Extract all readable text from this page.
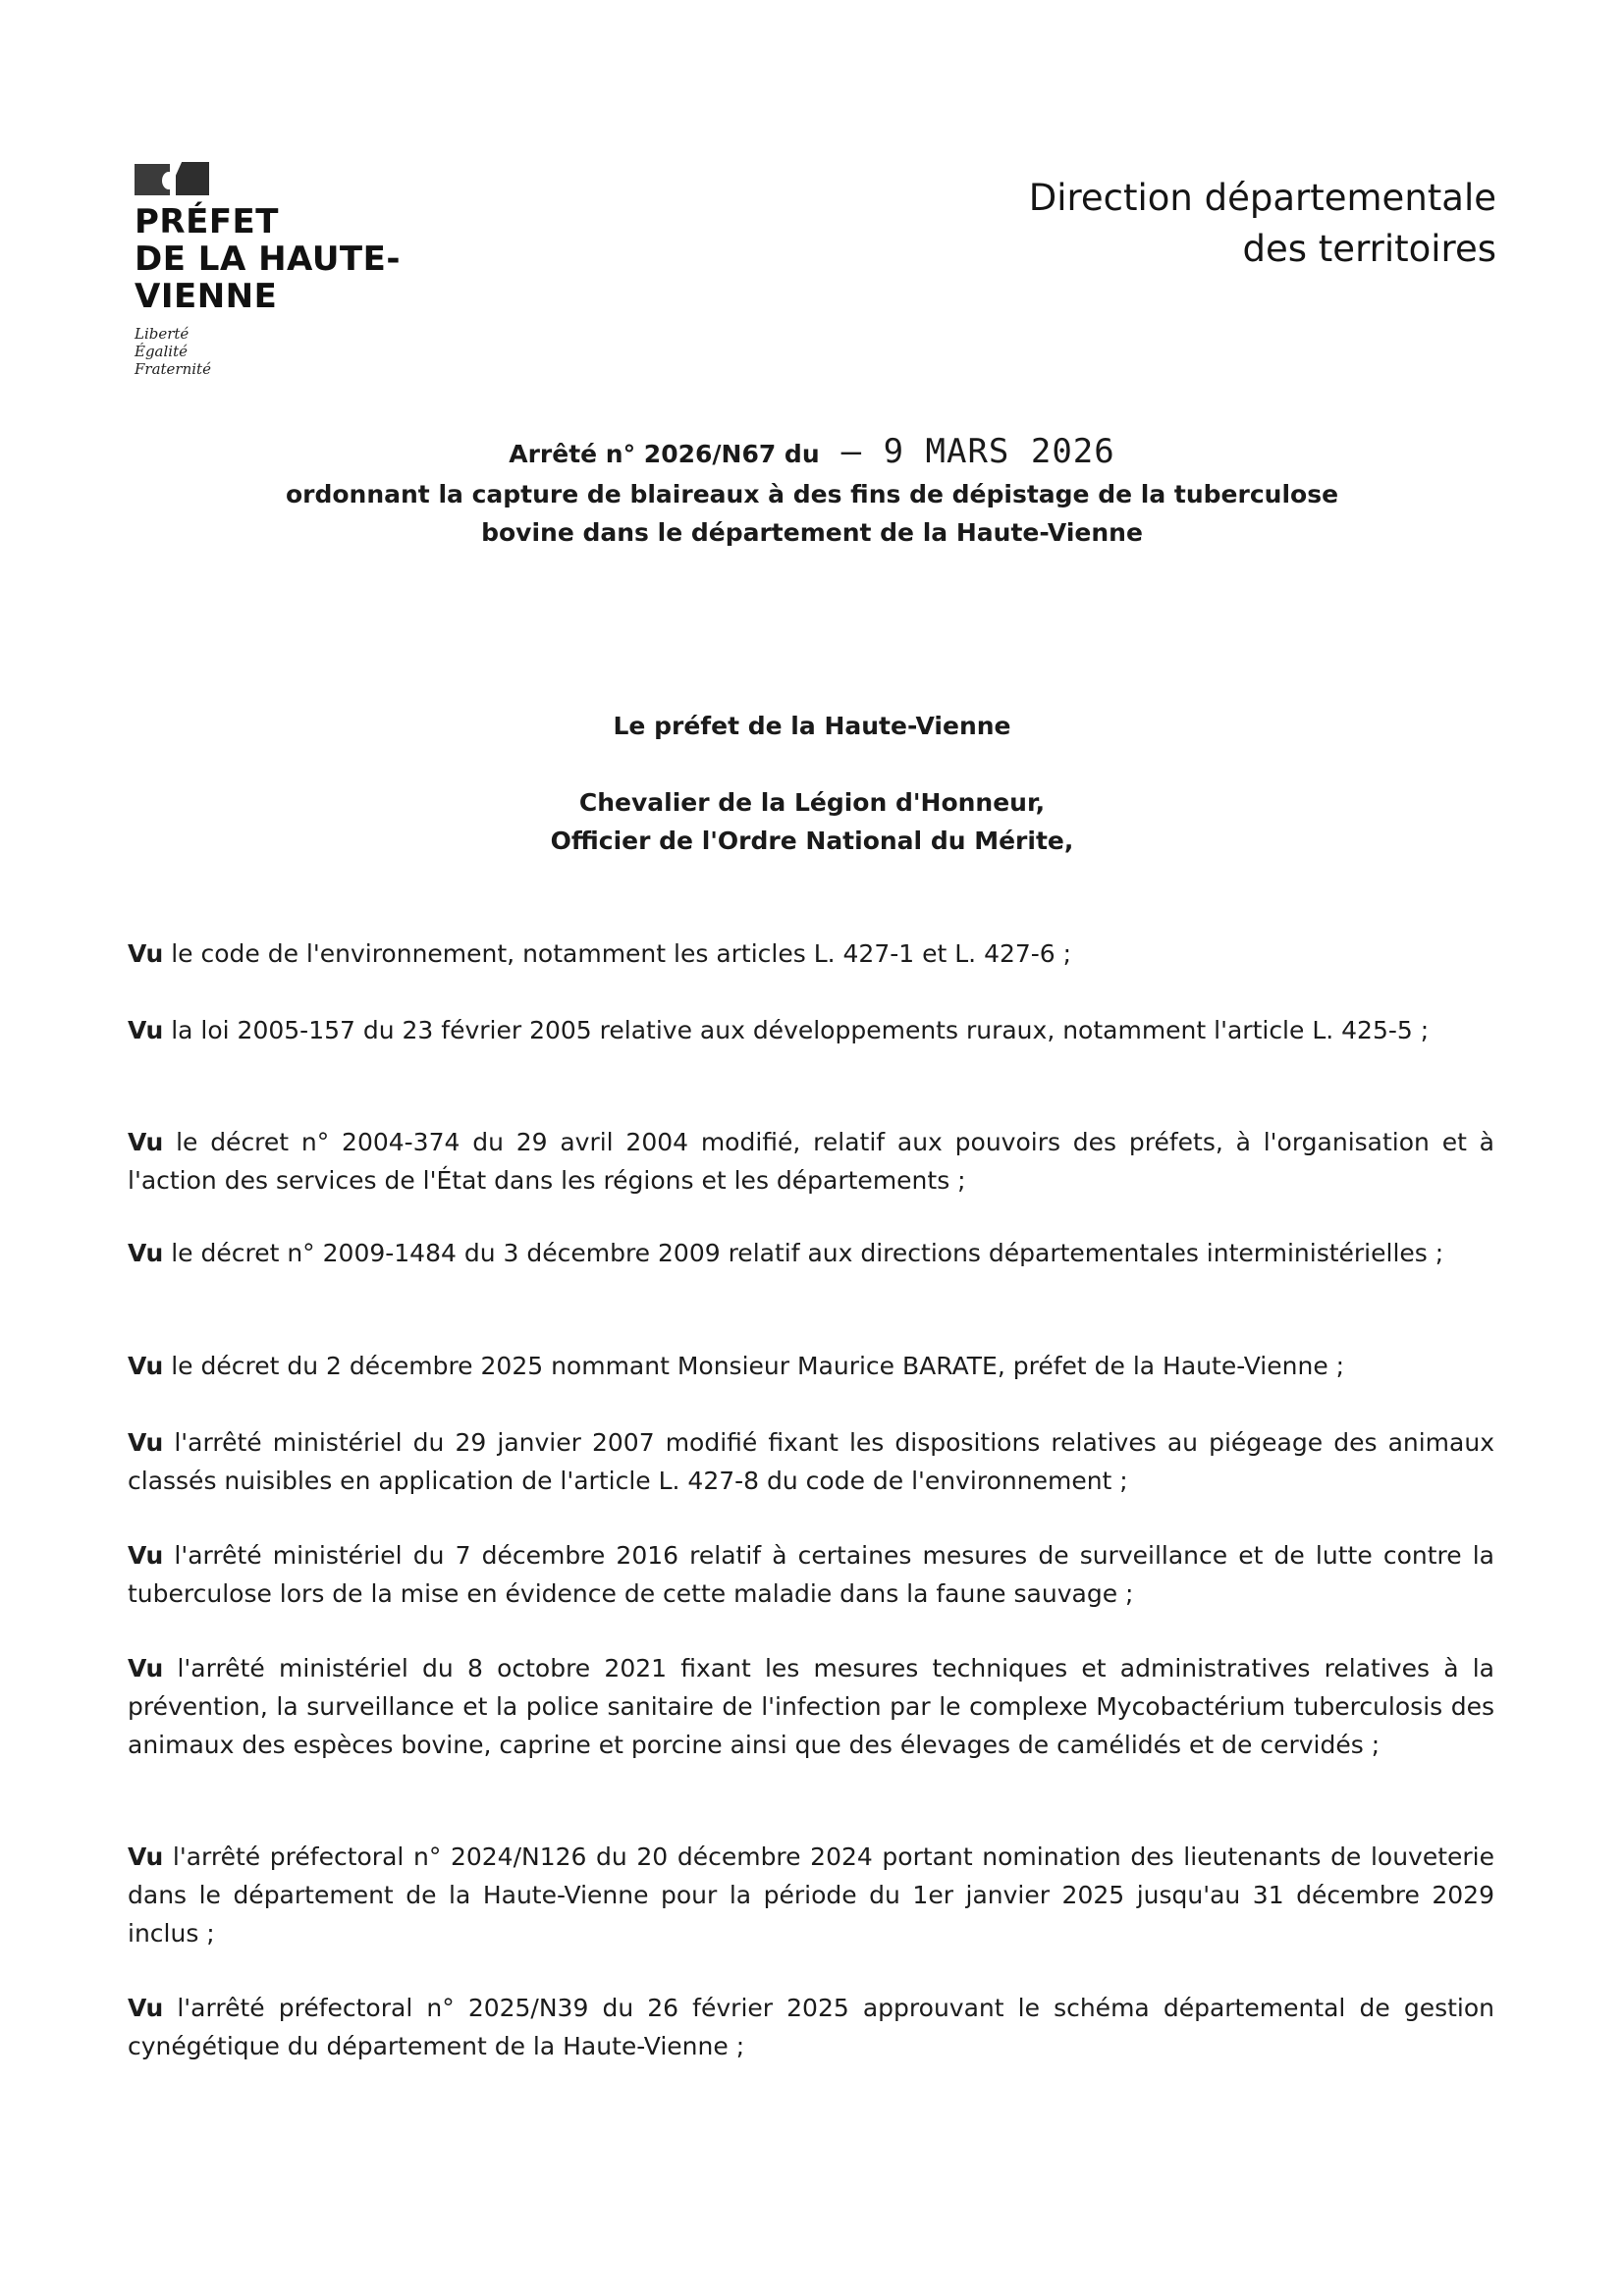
PRÉFET
DE LA HAUTE-VIENNE
Liberté
Égalité
Fraternité
Direction départementale
des territoires
Arrêté n° 2026/N67 du – 9 MARS 2026
ordonnant la capture de blaireaux à des fins de dépistage de la tuberculose
bovine dans le département de la Haute-Vienne
Le préfet de la Haute-Vienne
Chevalier de la Légion d'Honneur,
Officier de l'Ordre National du Mérite,

Vu le code de l'environnement, notamment les articles L. 427-1 et L. 427-6 ;

Vu la loi 2005-157 du 23 février 2005 relative aux développements ruraux, notamment l'article L. 425-5 ;

Vu le décret n° 2004-374 du 29 avril 2004 modifié, relatif aux pouvoirs des préfets, à l'organisation et à l'action des services de l'État dans les régions et les départements ;

Vu le décret n° 2009-1484 du 3 décembre 2009 relatif aux directions départementales interministérielles ;

Vu le décret du 2 décembre 2025 nommant Monsieur Maurice BARATE, préfet de la Haute-Vienne ;

Vu l'arrêté ministériel du 29 janvier 2007 modifié fixant les dispositions relatives au piégeage des animaux classés nuisibles en application de l'article L. 427-8 du code de l'environnement ;

Vu l'arrêté ministériel du 7 décembre 2016 relatif à certaines mesures de surveillance et de lutte contre la tuberculose lors de la mise en évidence de cette maladie dans la faune sauvage ;

Vu l'arrêté ministériel du 8 octobre 2021 fixant les mesures techniques et administratives relatives à la prévention, la surveillance et la police sanitaire de l'infection par le complexe Mycobactérium tuberculosis des animaux des espèces bovine, caprine et porcine ainsi que des élevages de camélidés et de cervidés ;

Vu l'arrêté préfectoral n° 2024/N126 du 20 décembre 2024 portant nomination des lieutenants de louveterie dans le département de la Haute-Vienne pour la période du 1er janvier 2025 jusqu'au 31 décembre 2029 inclus ;

Vu l'arrêté préfectoral n° 2025/N39 du 26 février 2025 approuvant le schéma départemental de gestion cynégétique du département de la Haute-Vienne ;
